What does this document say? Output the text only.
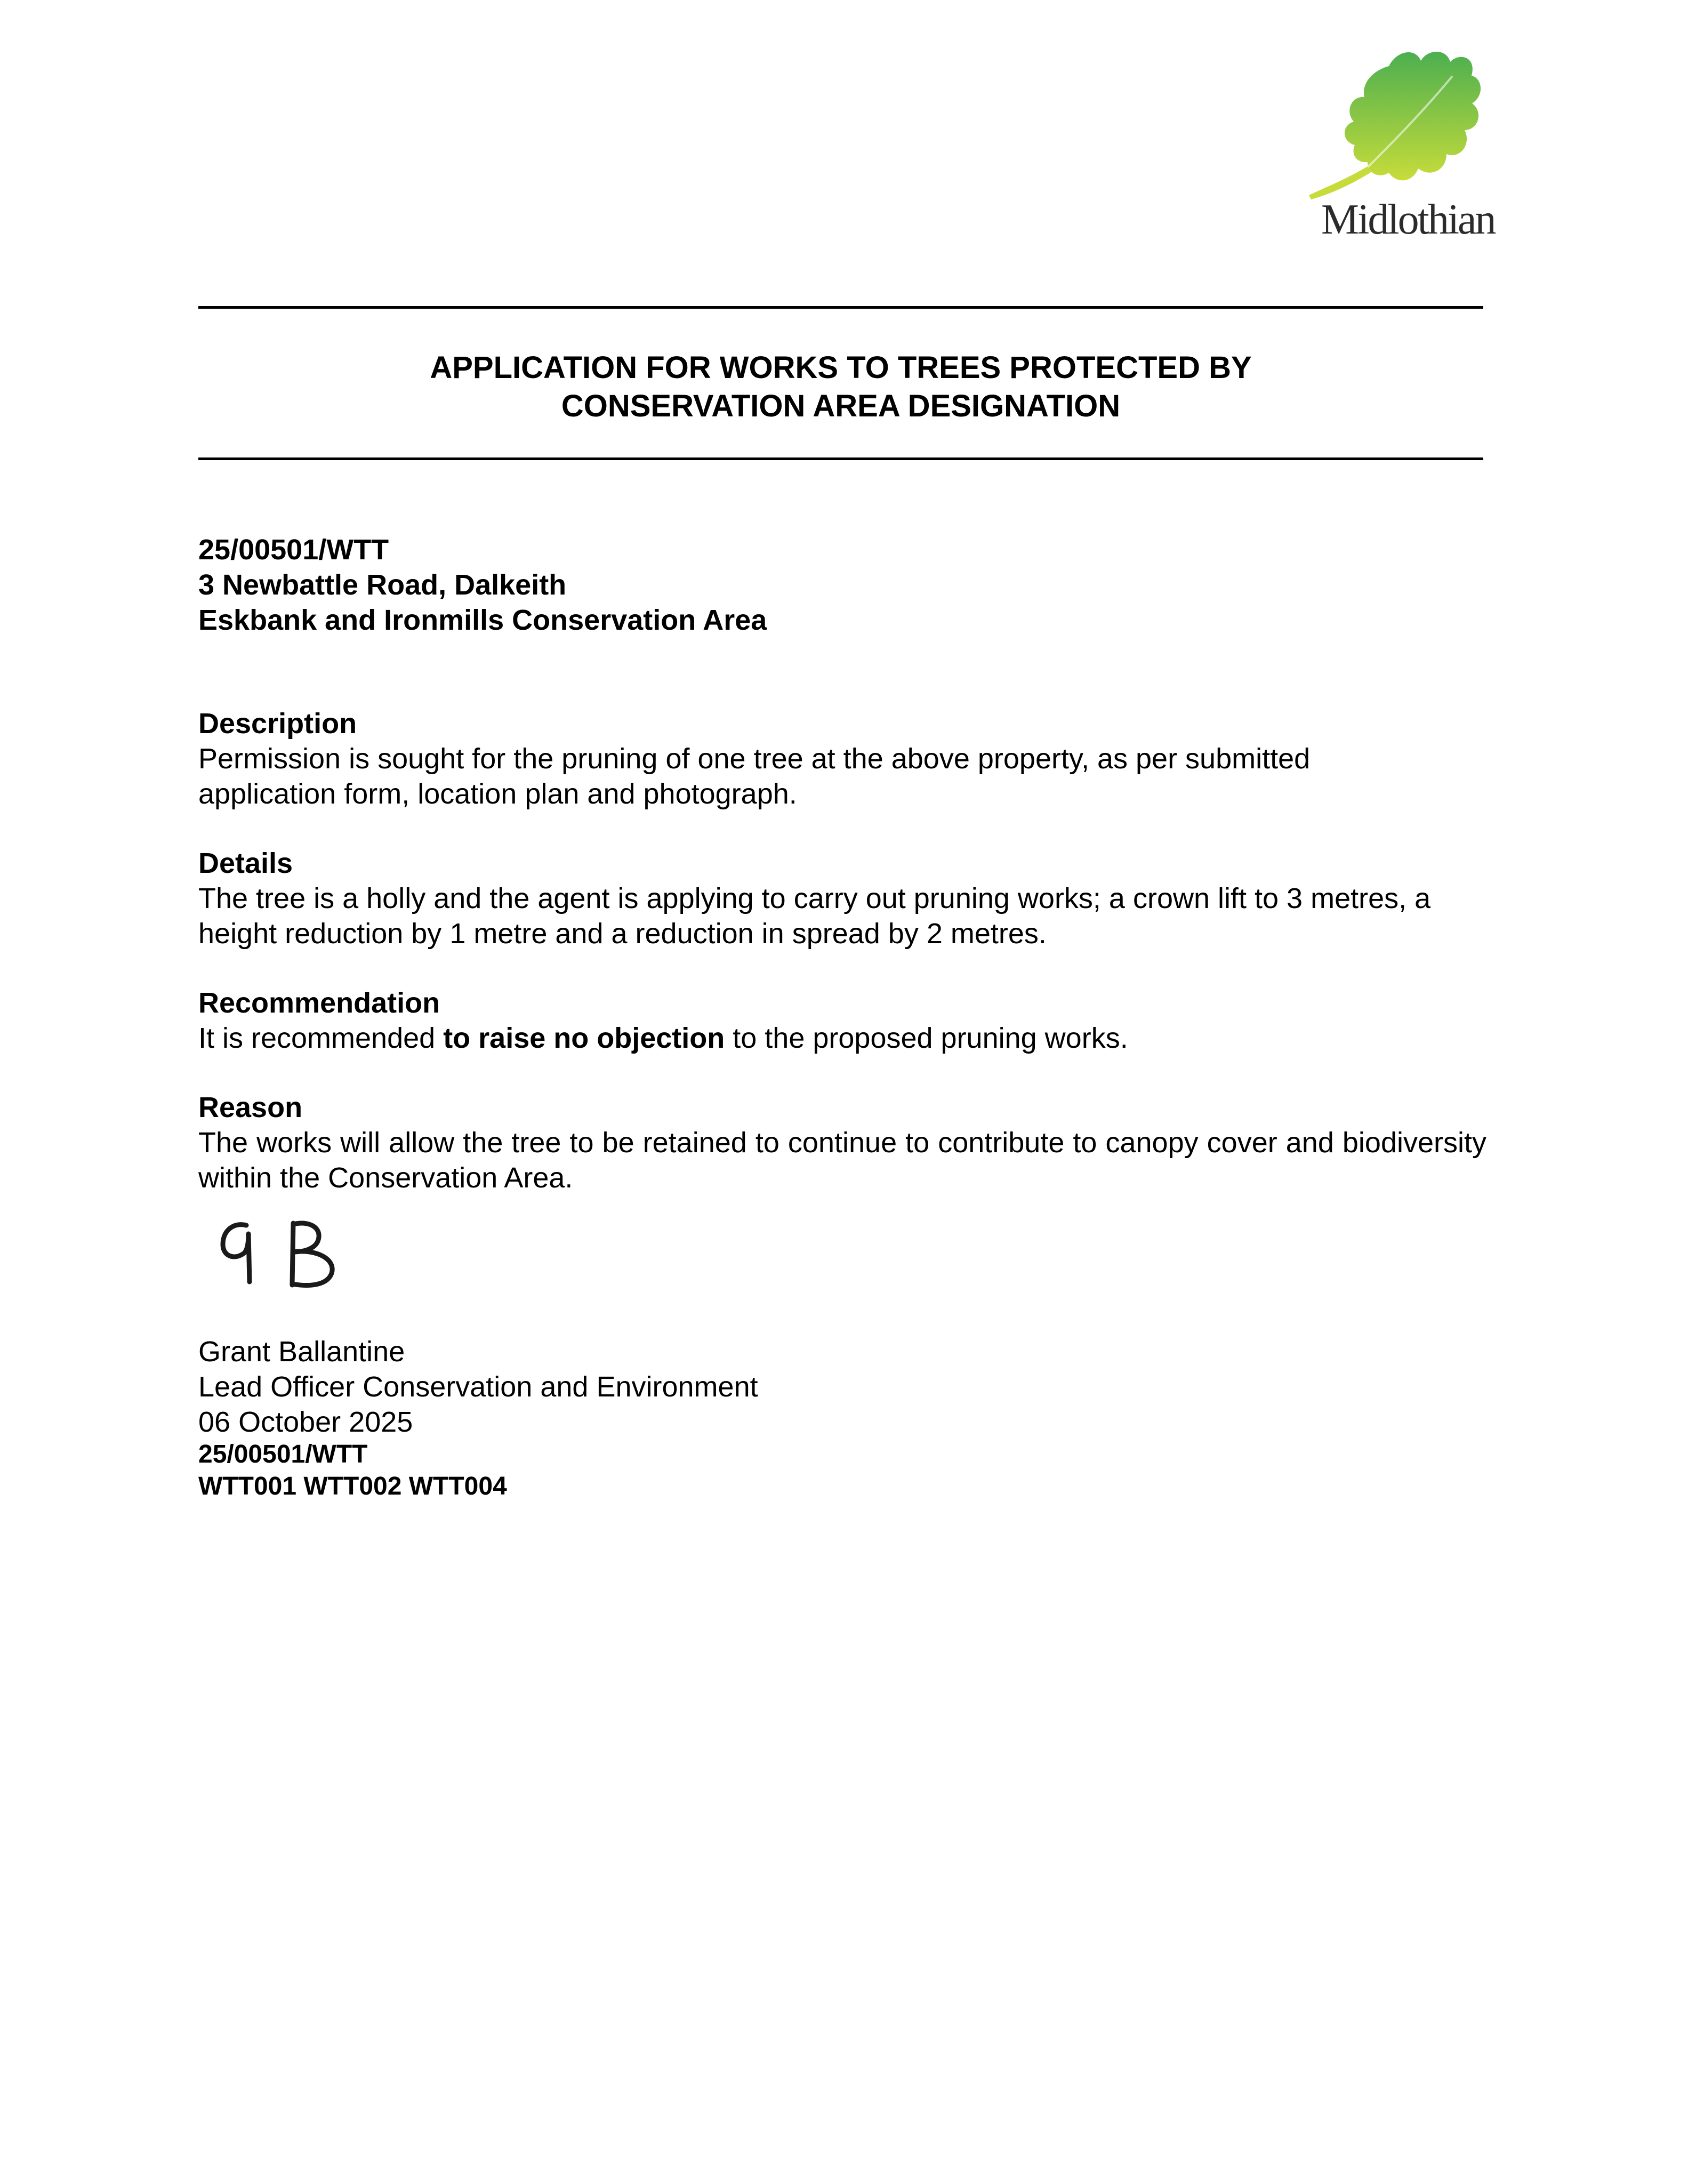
Midlothian
APPLICATION FOR WORKS TO TREES PROTECTED BY
CONSERVATION AREA DESIGNATION
25/00501/WTT
3 Newbattle Road, Dalkeith
Eskbank and Ironmills Conservation Area
Description
Permission is sought for the pruning of one tree at the above property, as per submitted application form, location plan and photograph.
Details
The tree is a holly and the agent is applying to carry out pruning works; a crown lift to 3 metres, a height reduction by 1 metre and a reduction in spread by 2 metres.
Recommendation
It is recommended to raise no objection to the proposed pruning works.
Reason
The works will allow the tree to be retained to continue to contribute to canopy cover and biodiversity within the Conservation Area.
Grant Ballantine
Lead Officer Conservation and Environment
06 October 2025
25/00501/WTT
WTT001 WTT002 WTT004
